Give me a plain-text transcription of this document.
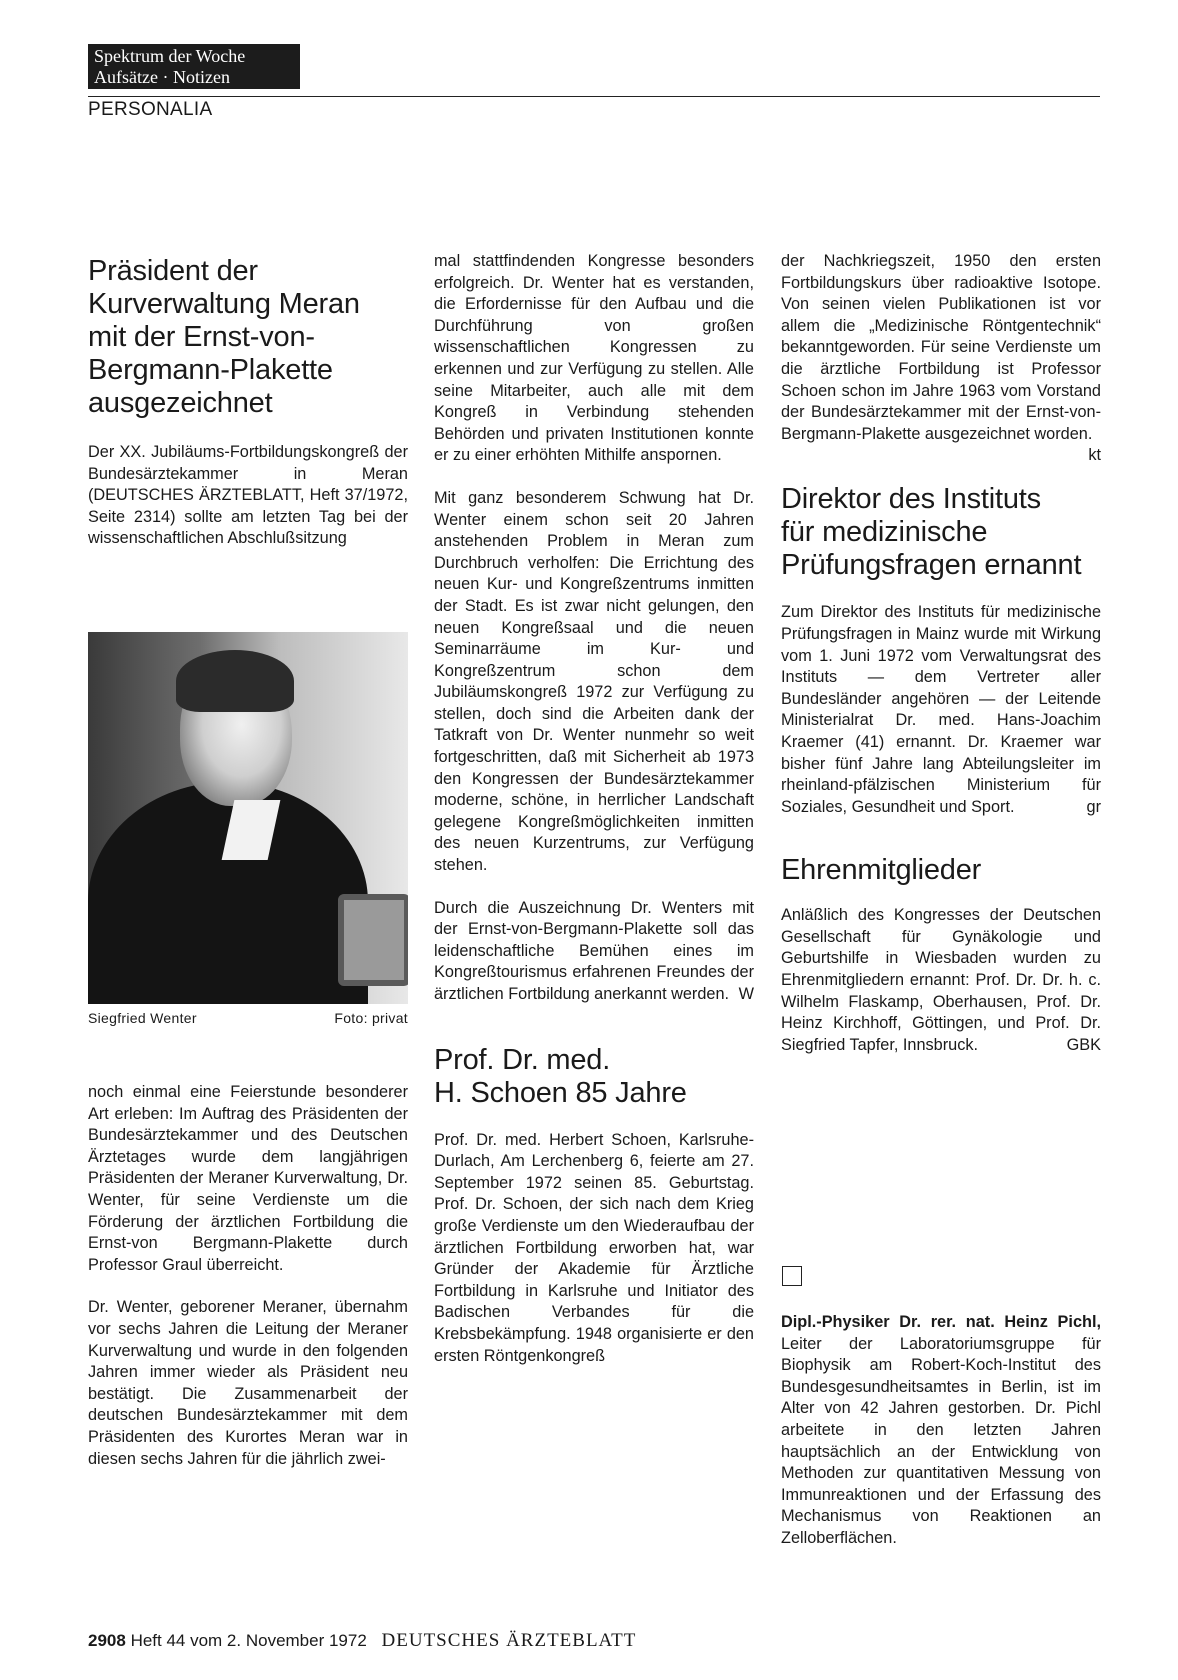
Spektrum der Woche
Aufsätze · Notizen
PERSONALIA
Präsident der
Kurverwaltung Meran
mit der Ernst-von-
Bergmann-Plakette
ausgezeichnet

Der XX. Jubiläums-Fortbildungskongreß der Bundesärztekammer in Meran (DEUTSCHES ÄRZTEBLATT, Heft 37/1972, Seite 2314) sollte am letzten Tag bei der wissenschaftlichen Abschlußsitzung

Siegfried Wenter	Foto: privat

noch einmal eine Feierstunde besonderer Art erleben: Im Auftrag des Präsidenten der Bundesärztekammer und des Deutschen Ärztetages wurde dem langjährigen Präsidenten der Meraner Kurverwaltung, Dr. Wenter, für seine Verdienste um die Förderung der ärztlichen Fortbildung die Ernst-von Bergmann-Plakette durch Professor Graul überreicht.

Dr. Wenter, geborener Meraner, übernahm vor sechs Jahren die Leitung der Meraner Kurverwaltung und wurde in den folgenden Jahren immer wieder als Präsident neu bestätigt. Die Zusammenarbeit der deutschen Bundesärztekammer mit dem Präsidenten des Kurortes Meran war in diesen sechs Jahren für die jährlich zwei-

mal stattfindenden Kongresse besonders erfolgreich. Dr. Wenter hat es verstanden, die Erfordernisse für den Aufbau und die Durchführung von großen wissenschaftlichen Kongressen zu erkennen und zur Verfügung zu stellen. Alle seine Mitarbeiter, auch alle mit dem Kongreß in Verbindung stehenden Behörden und privaten Institutionen konnte er zu einer erhöhten Mithilfe anspornen.

Mit ganz besonderem Schwung hat Dr. Wenter einem schon seit 20 Jahren anstehenden Problem in Meran zum Durchbruch verholfen: Die Errichtung des neuen Kur- und Kongreßzentrums inmitten der Stadt. Es ist zwar nicht gelungen, den neuen Kongreßsaal und die neuen Seminarräume im Kur- und Kongreßzentrum schon dem Jubiläumskongreß 1972 zur Verfügung zu stellen, doch sind die Arbeiten dank der Tatkraft von Dr. Wenter nunmehr so weit fortgeschritten, daß mit Sicherheit ab 1973 den Kongressen der Bundesärztekammer moderne, schöne, in herrlicher Landschaft gelegene Kongreßmöglichkeiten inmitten des neuen Kurzentrums, zur Verfügung stehen.

Durch die Auszeichnung Dr. Wenters mit der Ernst-von-Bergmann-Plakette soll das leidenschaftliche Bemühen eines im Kongreßtourismus erfahrenen Freundes der ärztlichen Fortbildung anerkannt werden. W

Prof. Dr. med.
H. Schoen 85 Jahre

Prof. Dr. med. Herbert Schoen, Karlsruhe-Durlach, Am Lerchenberg 6, feierte am 27. September 1972 seinen 85. Geburtstag. Prof. Dr. Schoen, der sich nach dem Krieg große Verdienste um den Wiederaufbau der ärztlichen Fortbildung erworben hat, war Gründer der Akademie für Ärztliche Fortbildung in Karlsruhe und Initiator des Badischen Verbandes für die Krebsbekämpfung. 1948 organisierte er den ersten Röntgenkongreß

der Nachkriegszeit, 1950 den ersten Fortbildungskurs über radioaktive Isotope. Von seinen vielen Publikationen ist vor allem die „Medizinische Röntgentechnik“ bekanntgeworden. Für seine Verdienste um die ärztliche Fortbildung ist Professor Schoen schon im Jahre 1963 vom Vorstand der Bundesärztekammer mit der Ernst-von-Bergmann-Plakette ausgezeichnet worden.
kt

Direktor des Instituts
für medizinische
Prüfungsfragen ernannt

Zum Direktor des Instituts für medizinische Prüfungsfragen in Mainz wurde mit Wirkung vom 1. Juni 1972 vom Verwaltungsrat des Instituts — dem Vertreter aller Bundesländer angehören — der Leitende Ministerialrat Dr. med. Hans-Joachim Kraemer (41) ernannt. Dr. Kraemer war bisher fünf Jahre lang Abteilungsleiter im rheinland-pfälzischen Ministerium für Soziales, Gesundheit und Sport.	gr

Ehrenmitglieder

Anläßlich des Kongresses der Deutschen Gesellschaft für Gynäkologie und Geburtshilfe in Wiesbaden wurden zu Ehrenmitgliedern ernannt: Prof. Dr. Dr. h. c. Wilhelm Flaskamp, Oberhausen, Prof. Dr. Heinz Kirchhoff, Göttingen, und Prof. Dr. Siegfried Tapfer, Innsbruck.	GBK

Dipl.-Physiker Dr. rer. nat. Heinz Pichl, Leiter der Laboratoriumsgruppe für Biophysik am Robert-Koch-Institut des Bundesgesundheitsamtes in Berlin, ist im Alter von 42 Jahren gestorben. Dr. Pichl arbeitete in den letzten Jahren hauptsächlich an der Entwicklung von Methoden zur quantitativen Messung von Immunreaktionen und der Erfassung des Mechanismus von Reaktionen an Zelloberflächen.

2908 Heft 44 vom 2. November 1972 DEUTSCHES ÄRZTEBLATT
